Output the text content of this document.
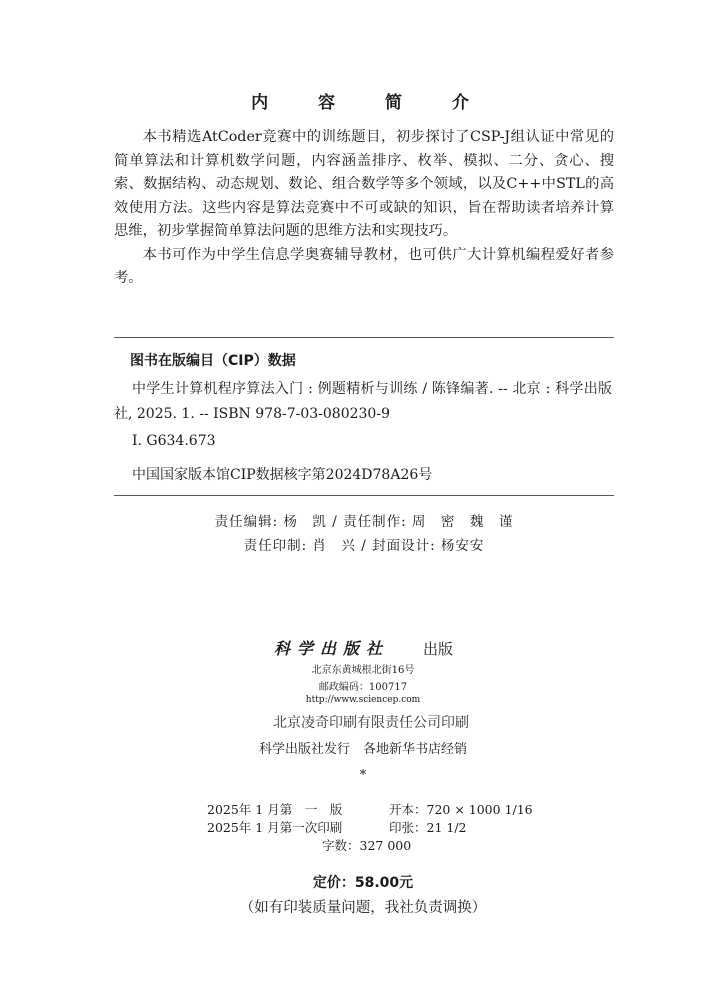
内 容 简 介

本书精选AtCoder竞赛中的训练题目，初步探讨了CSP-J组认证中常见的简单算法和计算机数学问题，内容涵盖排序、枚举、模拟、二分、贪心、搜索、数据结构、动态规划、数论、组合数学等多个领域，以及C++中STL的高效使用方法。这些内容是算法竞赛中不可或缺的知识，旨在帮助读者培养计算思维，初步掌握简单算法问题的思维方法和实现技巧。

本书可作为中学生信息学奥赛辅导教材，也可供广大计算机编程爱好者参考。

图书在版编目（CIP）数据
中学生计算机程序算法入门 : 例题精析与训练 / 陈锋编著. -- 北京 : 科学出版社, 2025. 1. -- ISBN 978-7-03-080230-9
Ⅰ. G634.673
中国国家版本馆CIP数据核字第2024D78A26号
责任编辑: 杨　凯 / 责任制作: 周　密　魏　谨
责任印制: 肖　兴 / 封面设计: 杨安安
科学出版社 出版
北京东黄城根北街16号
邮政编码：100717
http://www.sciencep.com
北京凌奇印刷有限责任公司印刷
科学出版社发行　各地新华书店经销
*
2025年 1 月第　一　版	开本：720 × 1000 1/16
2025年 1 月第一次印刷	印张：21 1/2
字数：327 000
定价：58.00元
（如有印装质量问题，我社负责调换）
